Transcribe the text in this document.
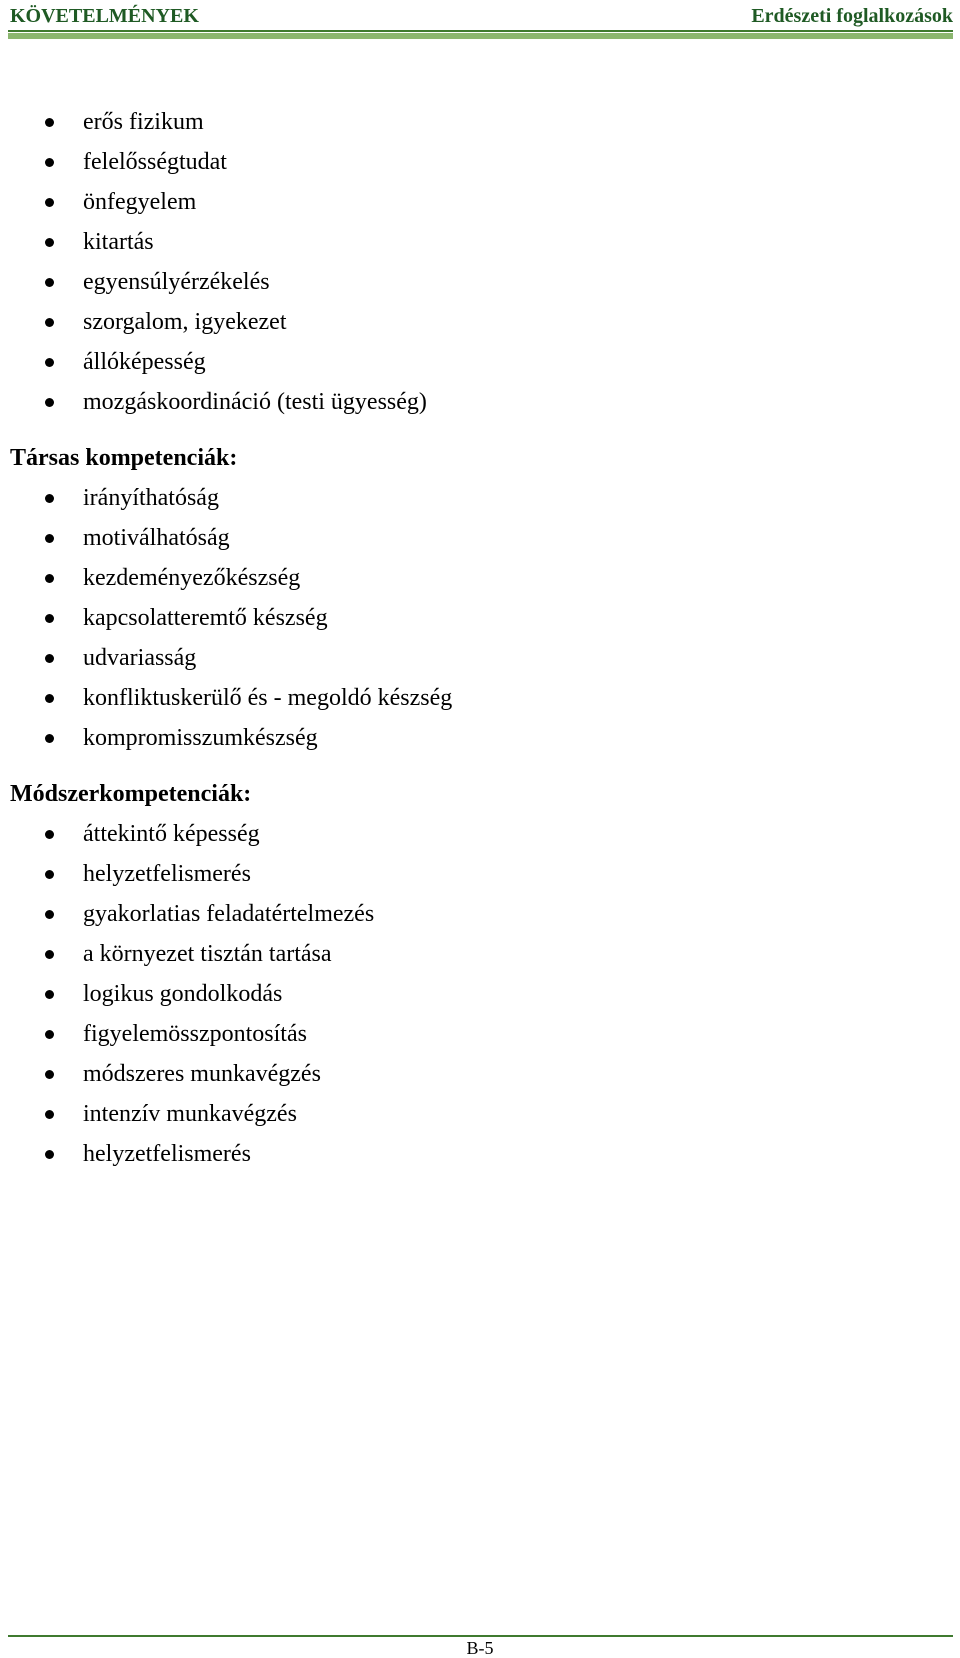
KÖVETELMÉNYEK	Erdészeti foglalkozások
erős fizikum
felelősségtudat
önfegyelem
kitartás
egyensúlyérzékelés
szorgalom, igyekezet
állóképesség
mozgáskoordináció (testi ügyesség)
Társas kompetenciák:
irányíthatóság
motiválhatóság
kezdeményezőkészség
kapcsolatteremtő készség
udvariasság
konfliktuskerülő és - megoldó készség
kompromisszumkészség
Módszerkompetenciák:
áttekintő képesség
helyzetfelismerés
gyakorlatias feladatértelmezés
a környezet tisztán tartása
logikus gondolkodás
figyelemösszpontosítás
módszeres munkavégzés
intenzív munkavégzés
helyzetfelismerés
B-5
